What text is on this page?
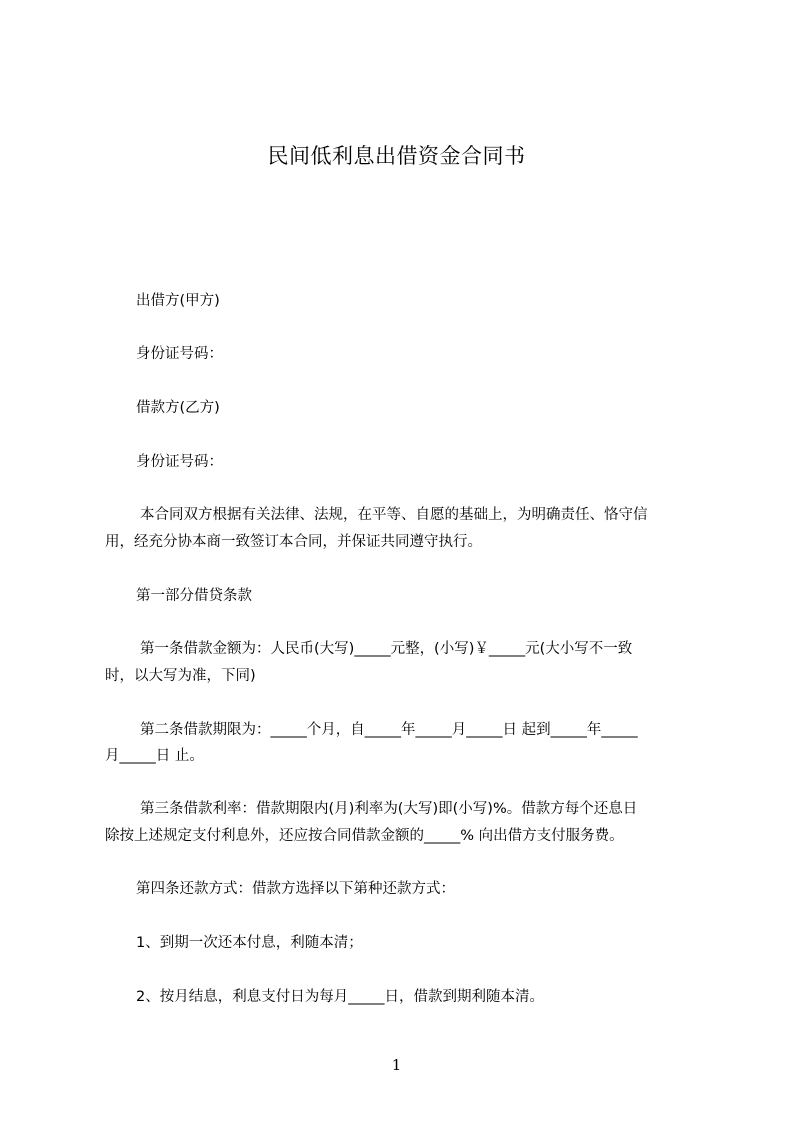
民间低利息出借资金合同书
出借方(甲方)
身份证号码：
借款方(乙方)
身份证号码：
本合同双方根据有关法律、法规，在平等、自愿的基础上，为明确责任、恪守信
用，经充分协本商一致签订本合同，并保证共同遵守执行。
第一部分借贷条款
第一条借款金额为：人民币(大写)_____元整，(小写)￥_____元(大小写不一致
时，以大写为准，下同)
第二条借款期限为：_____个月，自_____年_____月_____日 起到_____年_____
月_____日 止。
第三条借款利率：借款期限内(月)利率为(大写)即(小写)%。借款方每个还息日
除按上述规定支付利息外，还应按合同借款金额的_____% 向出借方支付服务费。
第四条还款方式：借款方选择以下第种还款方式：
1、到期一次还本付息，利随本清；
2、按月结息，利息支付日为每月_____日，借款到期利随本清。
1
